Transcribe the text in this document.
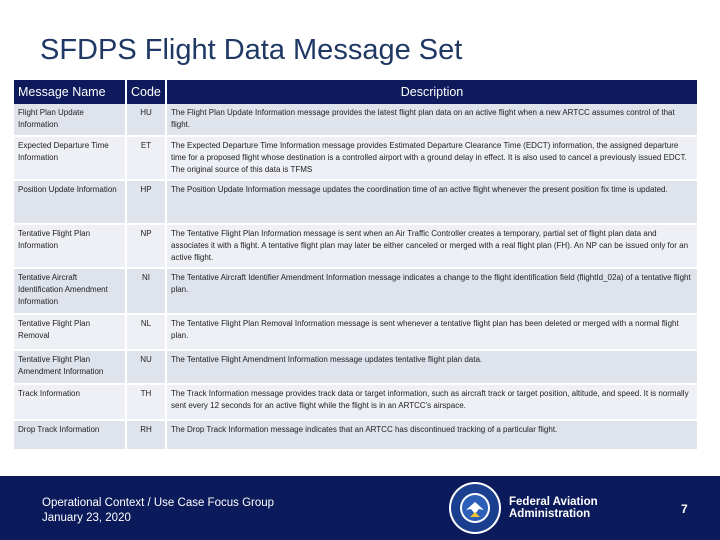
SFDPS Flight Data Message Set
Message Name	Code	Description
Flight Plan Update Information	HU	The Flight Plan Update Information message provides the latest flight plan data on an active flight when a new ARTCC assumes control of that flight.
Expected Departure Time Information	ET	The Expected Departure Time Information message provides Estimated Departure Clearance Time (EDCT) information, the assigned departure time for a proposed flight whose destination is a controlled airport with a ground delay in effect. It is also used to cancel a previously issued EDCT. The original source of this data is TFMS
Position Update Information	HP	The Position Update Information message updates the coordination time of an active flight whenever the present position fix time is updated.
Tentative Flight Plan Information	NP	The Tentative Flight Plan Information message is sent when an Air Traffic Controller creates a temporary, partial set of flight plan data and associates it with a flight. A tentative flight plan may later be either canceled or merged with a real flight plan (FH). An NP can be issued only for an active flight.
Tentative Aircraft Identification Amendment Information	NI	The Tentative Aircraft Identifier Amendment Information message indicates a change to the flight identification field (flightId_02a) of a tentative flight plan.
Tentative Flight Plan Removal	NL	The Tentative Flight Plan Removal Information message is sent whenever a tentative flight plan has been deleted or merged with a normal flight plan.
Tentative Flight Plan Amendment Information	NU	The Tentative Flight Amendment Information message updates tentative flight plan data.
Track Information	TH	The Track Information message provides track data or target information, such as aircraft track or target position, altitude, and speed. It is normally sent every 12 seconds for an active flight while the flight is in an ARTCC's airspace.
Drop Track Information	RH	The Drop Track Information message indicates that an ARTCC has discontinued tracking of a particular flight.
Operational Context / Use Case Focus Group
January 23, 2020
Federal Aviation
Administration	7
